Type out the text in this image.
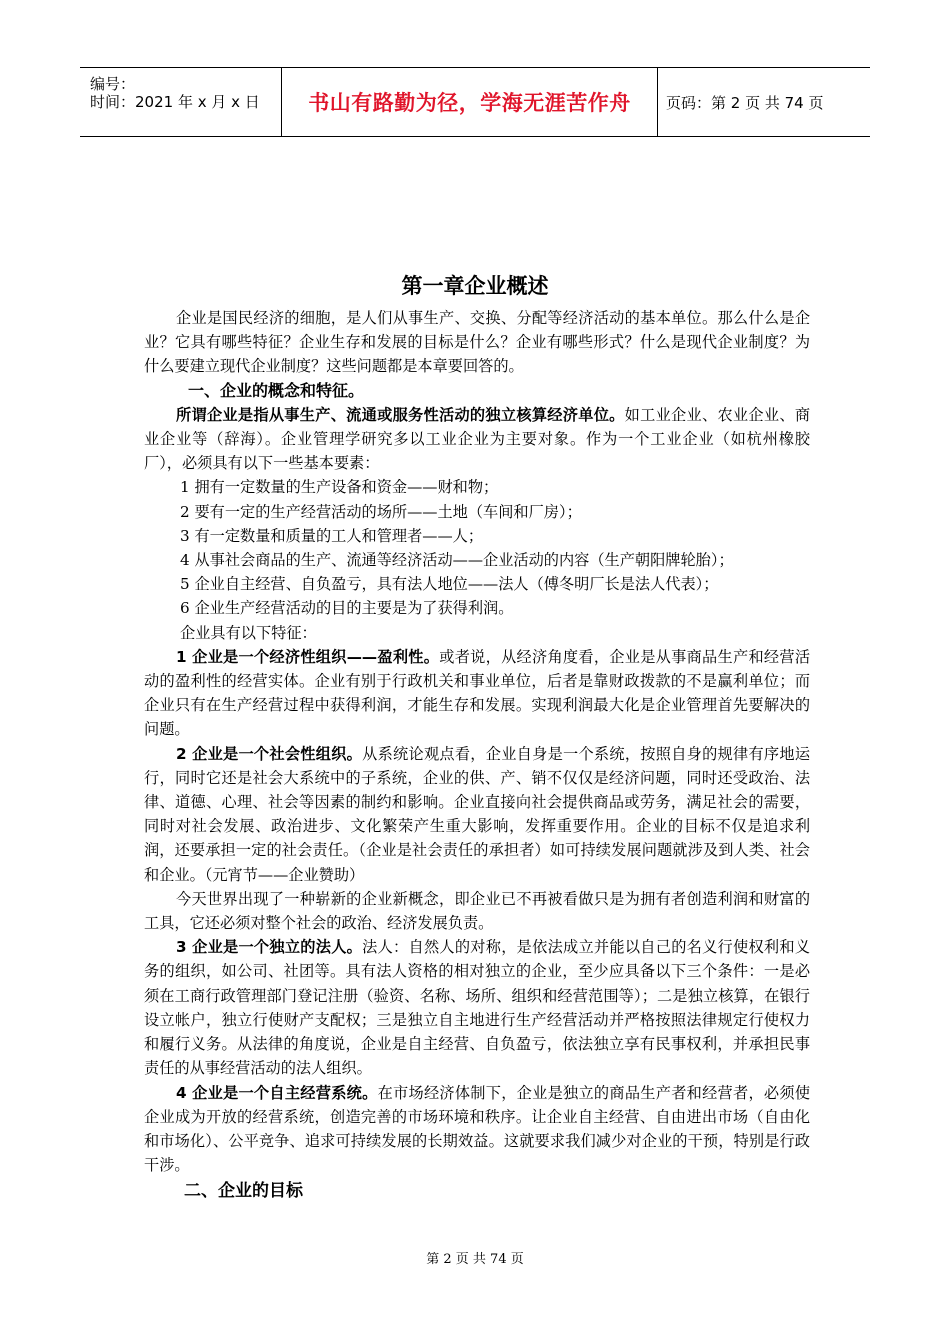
编号：
时间：2021 年 x 月 x 日 书山有路勤为径，学海无涯苦作舟 页码：第 2 页 共 74 页
第一章企业概述

企业是国民经济的细胞，是人们从事生产、交换、分配等经济活动的基本单位。那么什么是企业？它具有哪些特征？企业生存和发展的目标是什么？企业有哪些形式？什么是现代企业制度？为什么要建立现代企业制度？这些问题都是本章要回答的。

一、企业的概念和特征。

所谓企业是指从事生产、流通或服务性活动的独立核算经济单位。如工业企业、农业企业、商业企业等（辞海）。企业管理学研究多以工业企业为主要对象。作为一个工业企业（如杭州橡胶厂），必须具有以下一些基本要素：

1 拥有一定数量的生产设备和资金——财和物；

2 要有一定的生产经营活动的场所——土地（车间和厂房）；

3 有一定数量和质量的工人和管理者——人；

4 从事社会商品的生产、流通等经济活动——企业活动的内容（生产朝阳牌轮胎）；

5 企业自主经营、自负盈亏，具有法人地位——法人（傅冬明厂长是法人代表）；

6 企业生产经营活动的目的主要是为了获得利润。

企业具有以下特征：

1 企业是一个经济性组织——盈利性。或者说，从经济角度看，企业是从事商品生产和经营活动的盈利性的经营实体。企业有别于行政机关和事业单位，后者是靠财政拨款的不是赢利单位；而企业只有在生产经营过程中获得利润，才能生存和发展。实现利润最大化是企业管理首先要解决的问题。

2 企业是一个社会性组织。从系统论观点看，企业自身是一个系统，按照自身的规律有序地运行，同时它还是社会大系统中的子系统，企业的供、产、销不仅仅是经济问题，同时还受政治、法律、道德、心理、社会等因素的制约和影响。企业直接向社会提供商品或劳务，满足社会的需要，同时对社会发展、政治进步、文化繁荣产生重大影响，发挥重要作用。企业的目标不仅是追求利润，还要承担一定的社会责任。（企业是社会责任的承担者）如可持续发展问题就涉及到人类、社会和企业。（元宵节——企业赞助）

今天世界出现了一种崭新的企业新概念，即企业已不再被看做只是为拥有者创造利润和财富的工具，它还必须对整个社会的政治、经济发展负责。

3 企业是一个独立的法人。法人：自然人的对称，是依法成立并能以自己的名义行使权利和义务的组织，如公司、社团等。具有法人资格的相对独立的企业，至少应具备以下三个条件：一是必须在工商行政管理部门登记注册（验资、名称、场所、组织和经营范围等）；二是独立核算，在银行设立帐户，独立行使财产支配权；三是独立自主地进行生产经营活动并严格按照法律规定行使权力和履行义务。从法律的角度说，企业是自主经营、自负盈亏，依法独立享有民事权利，并承担民事责任的从事经营活动的法人组织。

4 企业是一个自主经营系统。在市场经济体制下，企业是独立的商品生产者和经营者，必须使企业成为开放的经营系统，创造完善的市场环境和秩序。让企业自主经营、自由进出市场（自由化和市场化）、公平竞争、追求可持续发展的长期效益。这就要求我们减少对企业的干预，特别是行政干涉。

二、企业的目标

第 2 页 共 74 页
